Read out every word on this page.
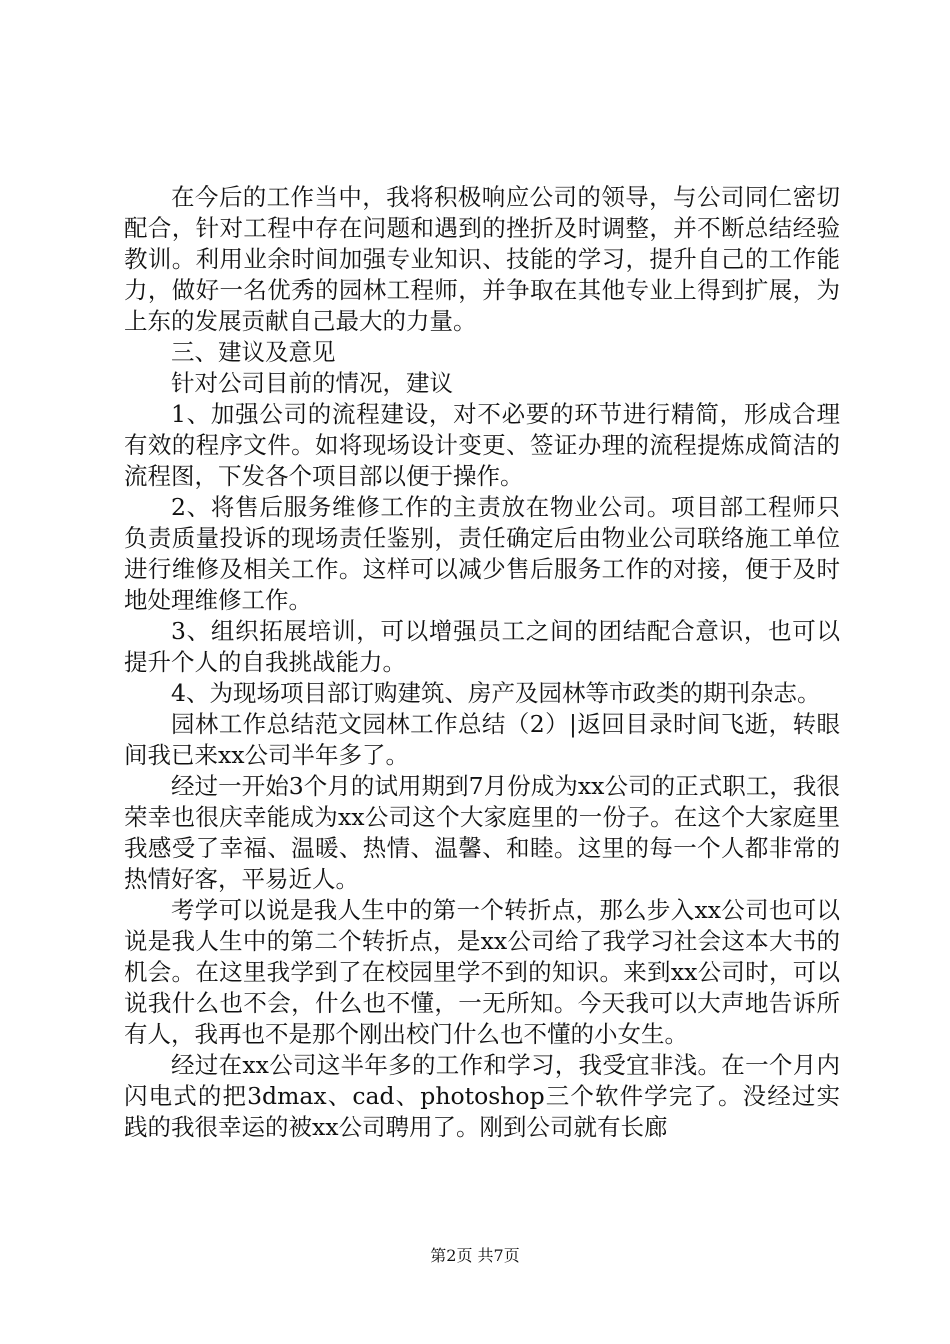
在今后的工作当中，我将积极响应公司的领导，与公司同仁密切配合，针对工程中存在问题和遇到的挫折及时调整，并不断总结经验教训。利用业余时间加强专业知识、技能的学习，提升自己的工作能力，做好一名优秀的园林工程师，并争取在其他专业上得到扩展，为上东的发展贡献自己最大的力量。

三、建议及意见

针对公司目前的情况，建议

1、加强公司的流程建设，对不必要的环节进行精简，形成合理有效的程序文件。如将现场设计变更、签证办理的流程提炼成简洁的流程图，下发各个项目部以便于操作。

2、将售后服务维修工作的主责放在物业公司。项目部工程师只负责质量投诉的现场责任鉴别，责任确定后由物业公司联络施工单位进行维修及相关工作。这样可以减少售后服务工作的对接，便于及时地处理维修工作。

3、组织拓展培训，可以增强员工之间的团结配合意识，也可以提升个人的自我挑战能力。

4、为现场项目部订购建筑、房产及园林等市政类的期刊杂志。

园林工作总结范文园林工作总结（2）|返回目录时间飞逝，转眼间我已来xx公司半年多了。

经过一开始3个月的试用期到7月份成为xx公司的正式职工，我很荣幸也很庆幸能成为xx公司这个大家庭里的一份子。在这个大家庭里我感受了幸福、温暖、热情、温馨、和睦。这里的每一个人都非常的热情好客，平易近人。

考学可以说是我人生中的第一个转折点，那么步入xx公司也可以说是我人生中的第二个转折点，是xx公司给了我学习社会这本大书的机会。在这里我学到了在校园里学不到的知识。来到xx公司时，可以说我什么也不会，什么也不懂，一无所知。今天我可以大声地告诉所有人，我再也不是那个刚出校门什么也不懂的小女生。

经过在xx公司这半年多的工作和学习，我受宜非浅。在一个月内闪电式的把3dmax、cad、photoshop三个软件学完了。没经过实践的我很幸运的被xx公司聘用了。刚到公司就有长廊

第2页 共7页
